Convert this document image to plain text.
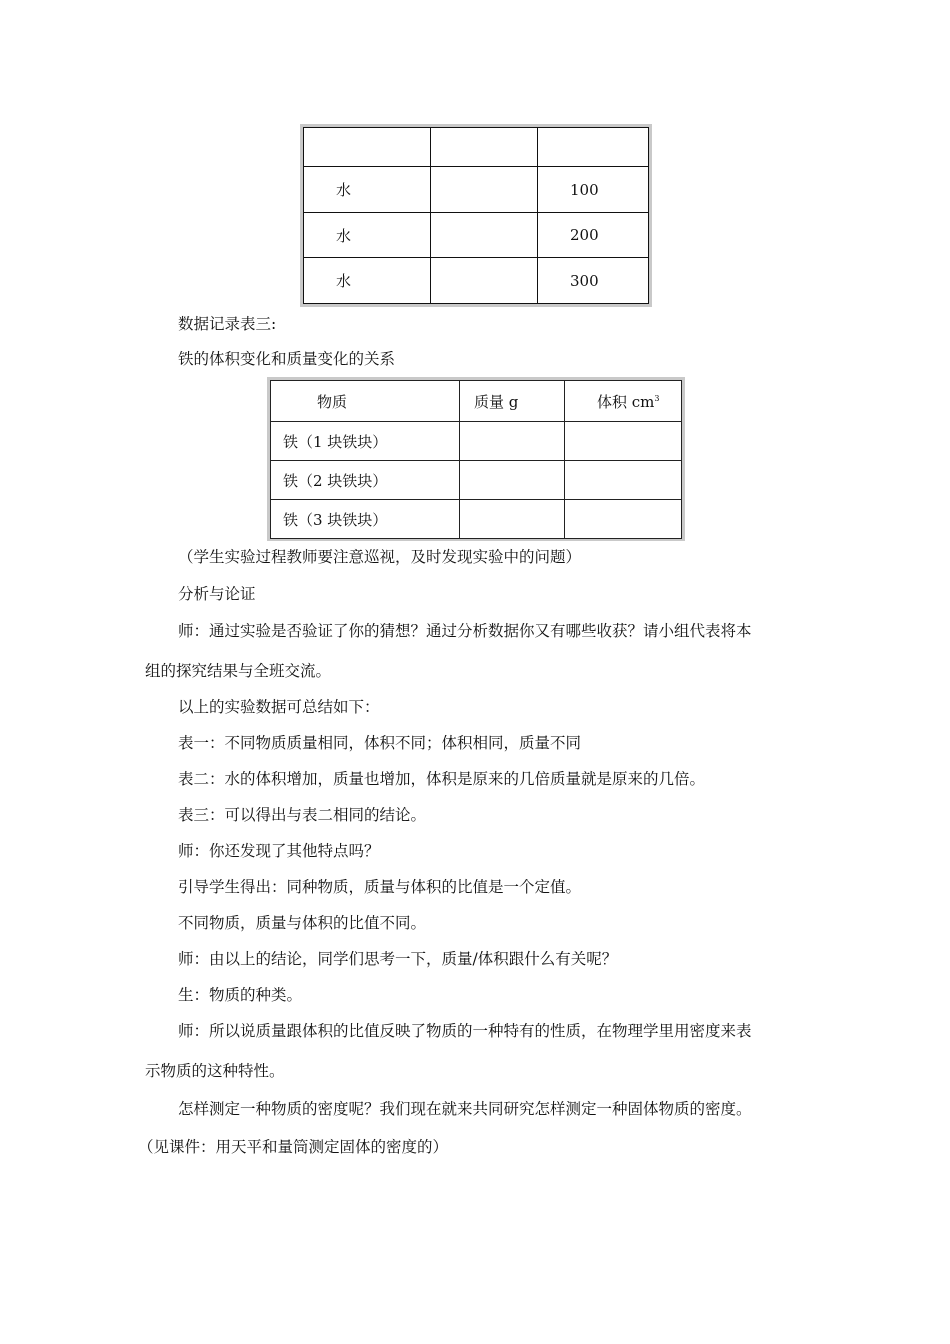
水		100
水		200
水		300
数据记录表三:
铁的体积变化和质量变化的关系
物质	质量 g	体积 $cm^3$
铁（1 块铁块）		
铁（2 块铁块）		
铁（3 块铁块）		
（学生实验过程教师要注意巡视，及时发现实验中的问题）
分析与论证
师：通过实验是否验证了你的猜想？通过分析数据你又有哪些收获？请小组代表将本
组的探究结果与全班交流。
以上的实验数据可总结如下：
表一：不同物质质量相同，体积不同；体积相同，质量不同
表二：水的体积增加，质量也增加，体积是原来的几倍质量就是原来的几倍。
表三：可以得出与表二相同的结论。
师：你还发现了其他特点吗？
引导学生得出：同种物质，质量与体积的比值是一个定值。
不同物质，质量与体积的比值不同。
师：由以上的结论，同学们思考一下，质量/体积跟什么有关呢？
生：物质的种类。
师：所以说质量跟体积的比值反映了物质的一种特有的性质，在物理学里用密度来表
示物质的这种特性。
怎样测定一种物质的密度呢？我们现在就来共同研究怎样测定一种固体物质的密度。
（见课件：用天平和量筒测定固体的密度的）
